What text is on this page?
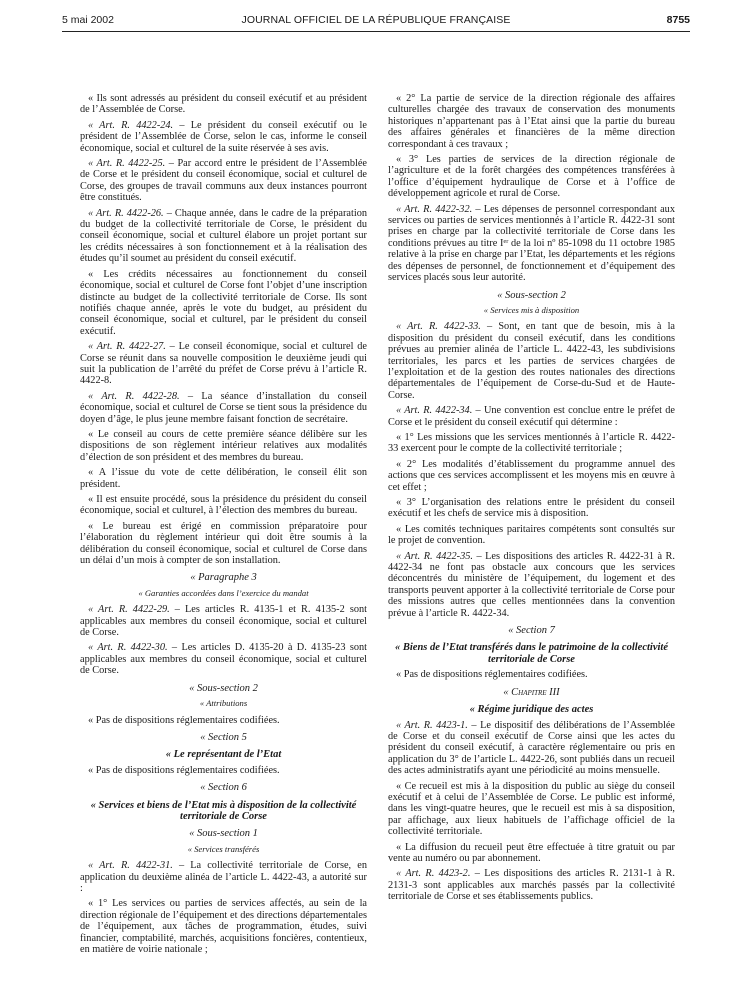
5 mai 2002	JOURNAL OFFICIEL DE LA RÉPUBLIQUE FRANÇAISE	8755
« Ils sont adressés au président du conseil exécutif et au président de l’Assemblée de Corse.
« Art. R. 4422-24. – Le président du conseil exécutif ou le président de l’Assemblée de Corse, selon le cas, informe le conseil économique, social et culturel de la suite réservée à ses avis.
« Art. R. 4422-25. – Par accord entre le président de l’Assemblée de Corse et le président du conseil économique, social et culturel de Corse, des groupes de travail communs aux deux instances pourront être constitués.
« Art. R. 4422-26. – Chaque année, dans le cadre de la préparation du budget de la collectivité territoriale de Corse, le président du conseil économique, social et culturel élabore un projet portant sur les crédits nécessaires à son fonctionnement et à la réalisation des études qu’il soumet au président du conseil exécutif.
« Les crédits nécessaires au fonctionnement du conseil économique, social et culturel de Corse font l’objet d’une inscription distincte au budget de la collectivité territoriale de Corse. Ils sont notifiés chaque année, après le vote du budget, au président du conseil économique, social et culturel, par le président du conseil exécutif.
« Art. R. 4422-27. – Le conseil économique, social et culturel de Corse se réunit dans sa nouvelle composition le deuxième jeudi qui suit la publication de l’arrêté du préfet de Corse prévu à l’article R. 4422-8.
« Art. R. 4422-28. – La séance d’installation du conseil économique, social et culturel de Corse se tient sous la présidence du doyen d’âge, le plus jeune membre faisant fonction de secrétaire.
« Le conseil au cours de cette première séance délibère sur les dispositions de son règlement intérieur relatives aux modalités d’élection de son président et des membres du bureau.
« A l’issue du vote de cette délibération, le conseil élit son président.
« Il est ensuite procédé, sous la présidence du président du conseil économique, social et culturel, à l’élection des membres du bureau.
« Le bureau est érigé en commission préparatoire pour l’élaboration du règlement intérieur qui doit être soumis à la délibération du conseil économique, social et culturel de Corse dans un délai d’un mois à compter de son installation.
« Paragraphe 3
« Garanties accordées dans l’exercice du mandat
« Art. R. 4422-29. – Les articles R. 4135-1 et R. 4135-2 sont applicables aux membres du conseil économique, social et culturel de Corse.
« Art. R. 4422-30. – Les articles D. 4135-20 à D. 4135-23 sont applicables aux membres du conseil économique, social et culturel de Corse.
« Sous-section 2
« Attributions
« Pas de dispositions réglementaires codifiées.
« Section 5
« Le représentant de l’Etat
« Pas de dispositions réglementaires codifiées.
« Section 6
« Services et biens de l’Etat mis à disposition de la collectivité territoriale de Corse
« Sous-section 1
« Services transférés
« Art. R. 4422-31. – La collectivité territoriale de Corse, en application du deuxième alinéa de l’article L. 4422-43, a autorité sur :
« 1° Les services ou parties de services affectés, au sein de la direction régionale de l’équipement et des directions départementales de l’équipement, aux tâches de programmation, études, suivi financier, comptabilité, marchés, acquisitions foncières, contentieux, en matière de voirie nationale ;
« 2° La partie de service de la direction régionale des affaires culturelles chargée des travaux de conservation des monuments historiques n’appartenant pas à l’Etat ainsi que la partie du bureau des affaires générales et financières de la même direction correspondant à ces travaux ;
« 3° Les parties de services de la direction régionale de l’agriculture et de la forêt chargées des compétences transférées à l’office d’équipement hydraulique de Corse et à l’office de développement agricole et rural de Corse.
« Art. R. 4422-32. – Les dépenses de personnel correspondant aux services ou parties de services mentionnés à l’article R. 4422-31 sont prises en charge par la collectivité territoriale de Corse dans les conditions prévues au titre Iᵉʳ de la loi nº 85-1098 du 11 octobre 1985 relative à la prise en charge par l’Etat, les départements et les régions des dépenses de personnel, de fonctionnement et d’équipement des services placés sous leur autorité.
« Sous-section 2
« Services mis à disposition
« Art. R. 4422-33. – Sont, en tant que de besoin, mis à la disposition du président du conseil exécutif, dans les conditions prévues au premier alinéa de l’article L. 4422-43, les subdivisions territoriales, les parcs et les parties de services chargées de l’exploitation et de la gestion des routes nationales des directions départementales de l’équipement de Corse-du-Sud et de Haute-Corse.
« Art. R. 4422-34. – Une convention est conclue entre le préfet de Corse et le président du conseil exécutif qui détermine :
« 1° Les missions que les services mentionnés à l’article R. 4422-33 exercent pour le compte de la collectivité territoriale ;
« 2° Les modalités d’établissement du programme annuel des actions que ces services accomplissent et les moyens mis en œuvre à cet effet ;
« 3° L’organisation des relations entre le président du conseil exécutif et les chefs de service mis à disposition.
« Les comités techniques paritaires compétents sont consultés sur le projet de convention.
« Art. R. 4422-35. – Les dispositions des articles R. 4422-31 à R. 4422-34 ne font pas obstacle aux concours que les services déconcentrés du ministère de l’équipement, du logement et des transports peuvent apporter à la collectivité territoriale de Corse pour des missions autres que celles mentionnées dans la convention prévue à l’article R. 4422-34.
« Section 7
« Biens de l’Etat transférés dans le patrimoine de la collectivité territoriale de Corse
« Pas de dispositions réglementaires codifiées.
« Chapitre III
« Régime juridique des actes
« Art. R. 4423-1. – Le dispositif des délibérations de l’Assemblée de Corse et du conseil exécutif de Corse ainsi que les actes du président du conseil exécutif, à caractère réglementaire ou pris en application du 3° de l’article L. 4422-26, sont publiés dans un recueil des actes administratifs ayant une périodicité au moins mensuelle.
« Ce recueil est mis à la disposition du public au siège du conseil exécutif et à celui de l’Assemblée de Corse. Le public est informé, dans les vingt-quatre heures, que le recueil est mis à sa disposition, par affichage, aux lieux habituels de l’affichage officiel de la collectivité territoriale.
« La diffusion du recueil peut être effectuée à titre gratuit ou par vente au numéro ou par abonnement.
« Art. R. 4423-2. – Les dispositions des articles R. 2131-1 à R. 2131-3 sont applicables aux marchés passés par la collectivité territoriale de Corse et ses établissements publics.
